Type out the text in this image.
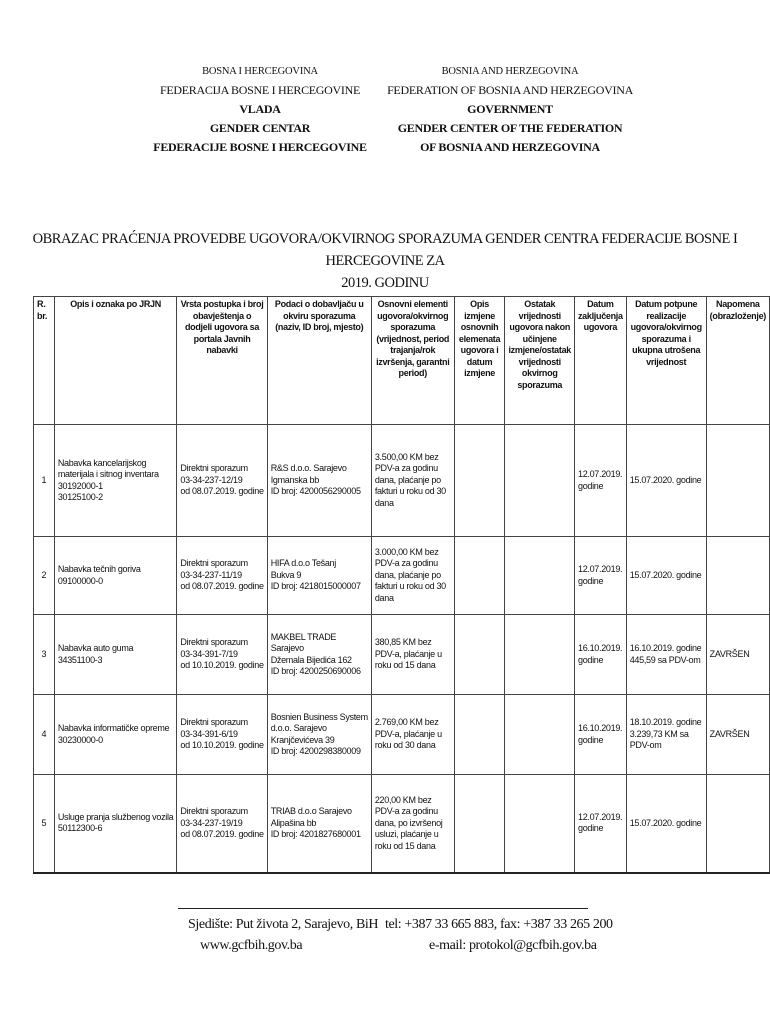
BOSNA I HERCEGOVINA
FEDERACIJA BOSNE I HERCEGOVINE
VLADA
GENDER CENTAR
FEDERACIJE BOSNE I HERCEGOVINE
BOSNIA AND HERZEGOVINA
FEDERATION OF BOSNIA AND HERZEGOVINA
GOVERNMENT
GENDER CENTER OF THE FEDERATION
OF BOSNIA AND HERZEGOVINA
OBRAZAC PRAĆENJA PROVEDBE UGOVORA/OKVIRNOG SPORAZUMA GENDER CENTRA FEDERACIJE BOSNE I HERCEGOVINE ZA
2019. GODINU
R. br.	Opis i oznaka po JRJN	Vrsta postupka i broj obavještenja o dodjeli ugovora sa portala Javnih nabavki	Podaci o dobavljaču u okviru sporazuma (naziv, ID broj, mjesto)	Osnovni elementi ugovora/okvirnog sporazuma (vrijednost, period trajanja/rok izvršenja, garantni period)	Opis izmjene osnovnih elemenata ugovora i datum izmjene	Ostatak vrijednosti ugovora nakon učinjene izmjene/ostatak vrijednosti okvirnog sporazuma	Datum zaključenja ugovora	Datum potpune realizacije ugovora/okvirnog sporazuma i ukupna utrošena vrijednost	Napomena (obrazloženje)
1	Nabavka kancelarijskog
materijala i sitnog inventara
30192000-1
30125100-2	Direktni sporazum
03-34-237-12/19
od 08.07.2019. godine	R&S d.o.o. Sarajevo
Igmanska bb
ID broj: 4200056290005	3.500,00 KM bez PDV-a za godinu dana, plaćanje po fakturi u roku od 30 dana			12.07.2019.
godine	15.07.2020. godine	

2	Nabavka tečnih goriva
09100000-0	Direktni sporazum
03-34-237-11/19
od 08.07.2019. godine	HIFA d.o.o Tešanj
Bukva 9
ID broj: 4218015000007	3.000,00 KM bez PDV-a za godinu dana, plaćanje po fakturi u roku od 30 dana			12.07.2019.
godine	15.07.2020. godine	

3	Nabavka auto guma
34351100-3	Direktni sporazum
03-34-391-7/19
od 10.10.2019. godine	MAKBEL TRADE
Sarajevo
Džemala Bijedića 162
ID broj: 4200250690006	380,85 KM bez PDV-a, plaćanje u roku od 15 dana			16.10.2019.
godine	16.10.2019. godine
445,59 sa PDV-om	ZAVRŠEN
4	Nabavka informatičke opreme
30230000-0	Direktni sporazum
03-34-391-6/19
od 10.10.2019. godine	Bosnien Business System
d.o.o. Sarajevo
Kranjčevićeva 39
ID broj: 4200298380009	2.769,00 KM bez PDV-a, plaćanje u roku od 30 dana			16.10.2019.
godine	18.10.2019. godine
3.239,73 KM sa
PDV-om	ZAVRŠEN
5	Usluge pranja službenog vozila
50112300-6	Direktni sporazum
03-34-237-19/19
od 08.07.2019. godine	TRIAB d.o.o Sarajevo
Alipašina bb
ID broj: 4201827680001	220,00 KM bez PDV-a za godinu dana, po izvršenoj usluzi, plaćanje u roku od 15 dana			12.07.2019.
godine	15.07.2020. godine	

Sjedište: Put života 2, Sarajevo, BiH
www.gcfbih.gov.ba
tel: +387 33 665 883, fax: +387 33 265 200
e-mail: protokol@gcfbih.gov.ba
